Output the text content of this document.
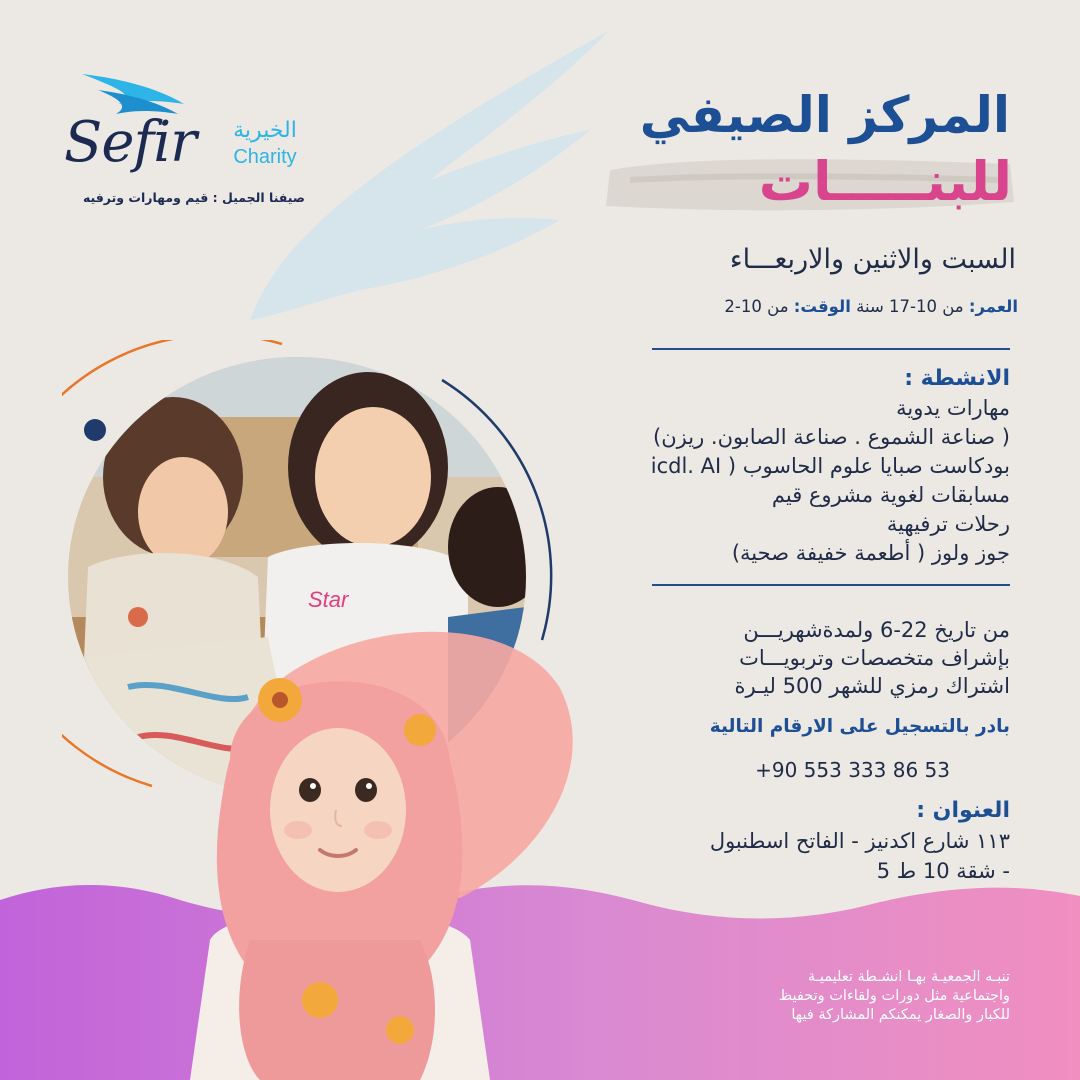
Sefir	الخيرية
Charity
صيفنا الجميل : قيم ومهارات وترفيه
المركز الصيفي
للبنـــــات
السبت والاثنين والاربعـــاء
العمر: من 10-17 سنة الوقت: من 10-2
الانشطة :
مهارات يدوية
( صناعة الشموع . صناعة الصابون. ريزن)
بودكاست صبايا علوم الحاسوب ( icdl. AI
مسابقات لغوية مشروع قيم
رحلات ترفيهية
جوز ولوز ( أطعمة خفيفة صحية)
من تاريخ 22-6 ولمدةشهريـــن
بإشراف متخصصات وتربويـــات
اشتراك رمزي للشهر 500 ليـرة
بادر بالتسجيل على الارقام التالية
+90 553 333 86 53
العنوان :
١١٣ شارع اكدنيز - الفاتح اسطنبول
- شقة 10 ط 5
تنبـه الجمعيـة بهـا انشـطة تعليميـة
واجتماعية مثل دورات ولقاءات وتحفيظ
للكبار والصغار يمكنكم المشاركة فيها
Star
